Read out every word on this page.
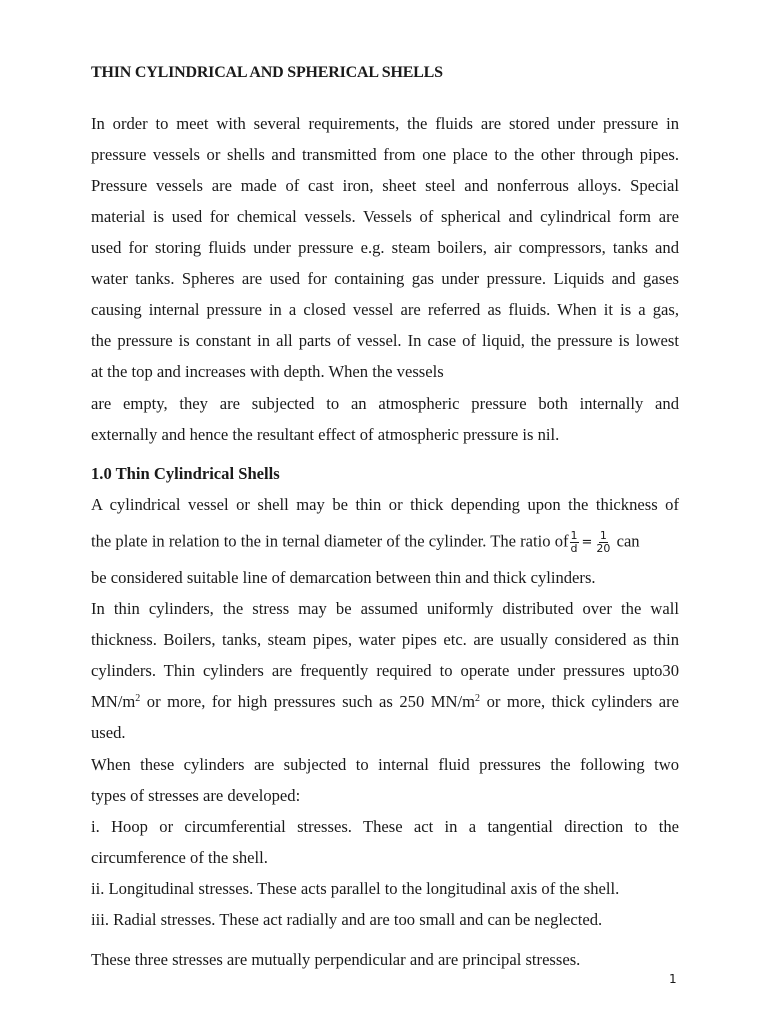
THIN CYLINDRICAL AND SPHERICAL SHELLS
In order to meet with several requirements, the fluids are stored under pressure in
pressure vessels or shells and transmitted from one place to the other through pipes.
Pressure vessels are made of cast iron, sheet steel and nonferrous alloys. Special
material is used for chemical vessels. Vessels of spherical and cylindrical form are
used for storing fluids under pressure e.g. steam boilers, air compressors, tanks and
water tanks. Spheres are used for containing gas under pressure. Liquids and gases
causing internal pressure in a closed vessel are referred as fluids. When it is a gas,
the pressure is constant in all parts of vessel. In case of liquid, the pressure is lowest
at the top and increases with depth. When the vessels
are empty, they are subjected to an atmospheric pressure both internally and
externally and hence the resultant effect of atmospheric pressure is nil.
1.0 Thin Cylindrical Shells
A cylindrical vessel or shell may be thin or thick depending upon the thickness of
the plate in relation to the in ternal diameter of the cylinder. The ratio of $\frac{1}{d} = \frac{1}{20}$ can
be considered suitable line of demarcation between thin and thick cylinders.
In thin cylinders, the stress may be assumed uniformly distributed over the wall
thickness. Boilers, tanks, steam pipes, water pipes etc. are usually considered as thin
cylinders. Thin cylinders are frequently required to operate under pressures upto30
$MN/m^2$ or more, for high pressures such as 250 $MN/m^2$ or more, thick cylinders are
used.
When these cylinders are subjected to internal fluid pressures the following two
types of stresses are developed:
i. Hoop or circumferential stresses. These act in a tangential direction to the
circumference of the shell.
ii. Longitudinal stresses. These acts parallel to the longitudinal axis of the shell.
iii. Radial stresses. These act radially and are too small and can be neglected.
These three stresses are mutually perpendicular and are principal stresses.
1
